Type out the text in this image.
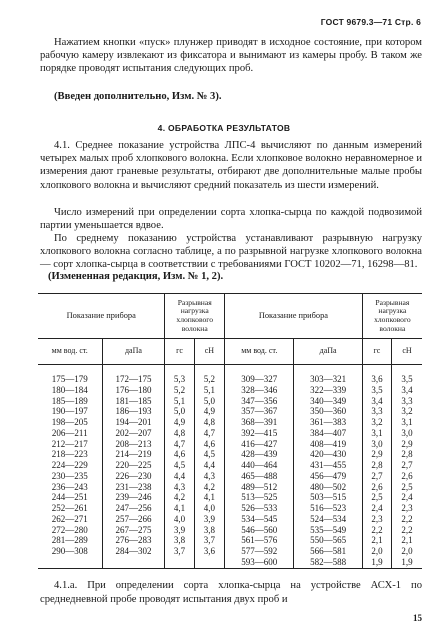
ГОСТ 9679.3—71 Стр. 6
Нажатием кнопки «пуск» плунжер приводят в исходное состояние, при котором рабочую камеру извлекают из фиксатора и вынимают из камеры пробу. В таком же порядке проводят испытания следующих проб.
(Введен дополнительно, Изм. № 3).
4. ОБРАБОТКА РЕЗУЛЬТАТОВ
4.1. Среднее показание устройства ЛПС-4 вычисляют по данным измерений четырех малых проб хлопкового волокна. Если хлопковое волокно неравномерное и измерения дают граневые результаты, отбирают две дополнительные малые пробы хлопкового волокна и вычисляют средний показатель из шести измерений.
Число измерений при определении сорта хлопка-сырца по каждой подвозимой партии уменьшается вдвое.
По среднему показанию устройства устанавливают разрывную нагрузку хлопкового волокна согласно таблице, а по разрывной нагрузке хлопкового волокна — сорт хлопка-сырца в соответствии с требованиями ГОСТ 10202—71, 16298—81.
(Измененная редакция, Изм. № 1, 2).
Показание прибора		Разрывная нагрузка хлопкового волокна		Показание прибора		Разрывная нагрузка хлопкового волокна	
мм вод. ст.	даПа	гс	сН	мм вод. ст.	даПа	гс	сН
175—179	172—175	5,3	5,2	309—327	303—321	3,6	3,5
180—184	176—180	5,2	5,1	328—346	322—339	3,5	3,4
185—189	181—185	5,1	5,0	347—356	340—349	3,4	3,3
190—197	186—193	5,0	4,9	357—367	350—360	3,3	3,2
198—205	194—201	4,9	4,8	368—391	361—383	3,2	3,1
206—211	202—207	4,8	4,7	392—415	384—407	3,1	3,0
212—217	208—213	4,7	4,6	416—427	408—419	3,0	2,9
218—223	214—219	4,6	4,5	428—439	420—430	2,9	2,8
224—229	220—225	4,5	4,4	440—464	431—455	2,8	2,7
230—235	226—230	4,4	4,3	465—488	456—479	2,7	2,6
236—243	231—238	4,3	4,2	489—512	480—502	2,6	2,5
244—251	239—246	4,2	4,1	513—525	503—515	2,5	2,4
252—261	247—256	4,1	4,0	526—533	516—523	2,4	2,3
262—271	257—266	4,0	3,9	534—545	524—534	2,3	2,2
272—280	267—275	3,9	3,8	546—560	535—549	2,2	2,2
281—289	276—283	3,8	3,7	561—576	550—565	2,1	2,1
290—308	284—302	3,7	3,6	577—592	566—581	2,0	2,0
				593—600	582—588	1,9	1,9
4.1.а. При определении сорта хлопка-сырца на устройстве АСХ-1 по среднедневной пробе проводят испытания двух проб и
15
